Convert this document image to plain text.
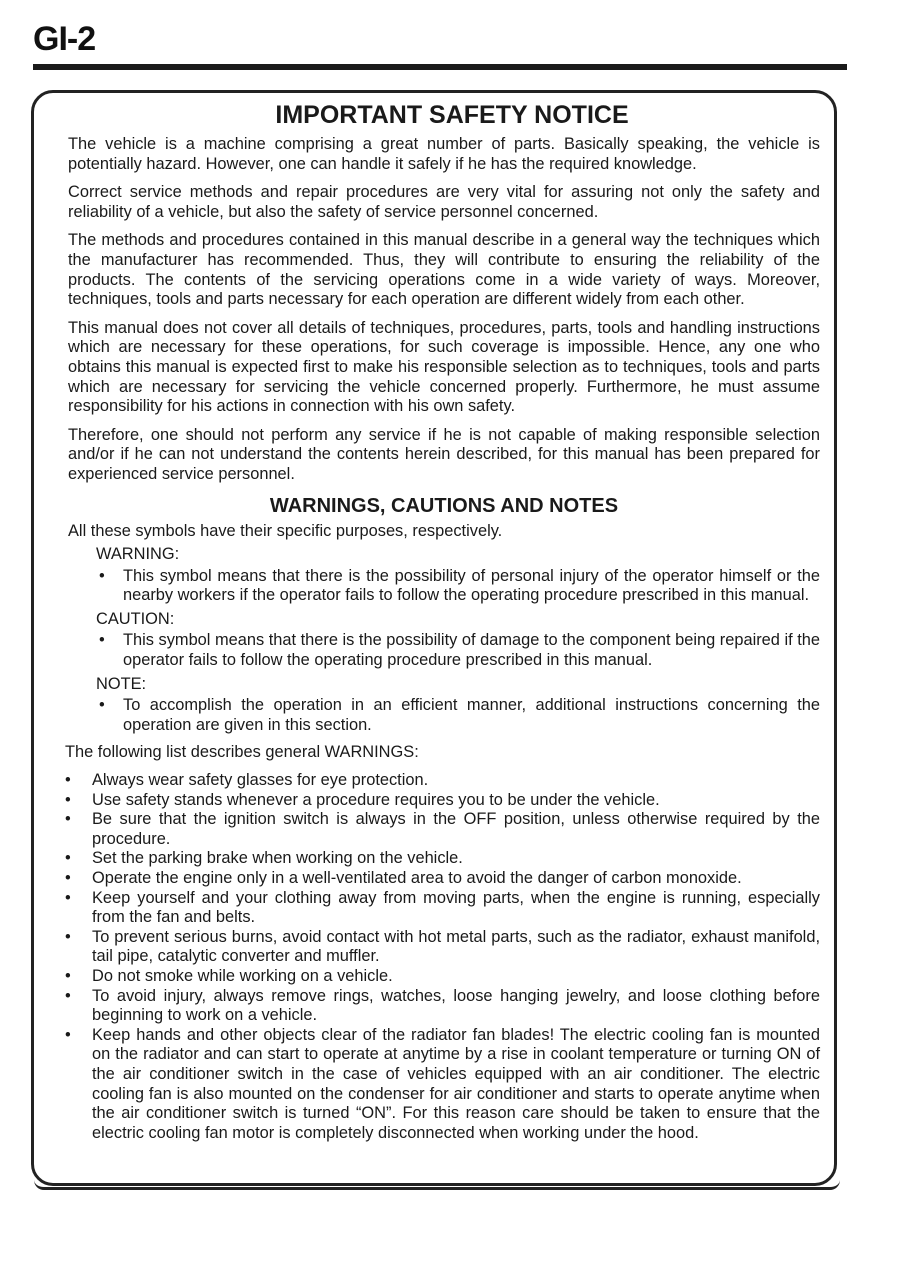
GI-2
IMPORTANT SAFETY NOTICE

The vehicle is a machine comprising a great number of parts. Basically speaking, the vehicle is potentially hazard. However, one can handle it safely if he has the required knowledge.

Correct service methods and repair procedures are very vital for assuring not only the safety and reliability of a vehicle, but also the safety of service personnel concerned.

The methods and procedures contained in this manual describe in a general way the techniques which the manufacturer has recommended. Thus, they will contribute to ensuring the reliability of the products. The contents of the servicing operations come in a wide variety of ways. Moreover, techniques, tools and parts necessary for each operation are different widely from each other.

This manual does not cover all details of techniques, procedures, parts, tools and handling instructions which are necessary for these operations, for such coverage is impossible. Hence, any one who obtains this manual is expected first to make his responsible selection as to techniques, tools and parts which are necessary for servicing the vehicle concerned properly. Furthermore, he must assume responsibility for his actions in connection with his own safety.

Therefore, one should not perform any service if he is not capable of making responsible selection and/or if he can not understand the contents herein described, for this manual has been prepared for experienced service personnel.

WARNINGS, CAUTIONS AND NOTES
All these symbols have their specific purposes, respectively.
WARNING:
• This symbol means that there is the possibility of personal injury of the operator himself or the nearby workers if the operator fails to follow the operating procedure prescribed in this manual.
CAUTION:
• This symbol means that there is the possibility of damage to the component being repaired if the operator fails to follow the operating procedure prescribed in this manual.
NOTE:
• To accomplish the operation in an efficient manner, additional instructions concerning the operation are given in this section.
The following list describes general WARNINGS:
• Always wear safety glasses for eye protection.
• Use safety stands whenever a procedure requires you to be under the vehicle.
• Be sure that the ignition switch is always in the OFF position, unless otherwise required by the procedure.
• Set the parking brake when working on the vehicle.
• Operate the engine only in a well-ventilated area to avoid the danger of carbon monoxide.
• Keep yourself and your clothing away from moving parts, when the engine is running, especially from the fan and belts.
• To prevent serious burns, avoid contact with hot metal parts, such as the radiator, exhaust manifold, tail pipe, catalytic converter and muffler.
• Do not smoke while working on a vehicle.
• To avoid injury, always remove rings, watches, loose hanging jewelry, and loose clothing before beginning to work on a vehicle.
• Keep hands and other objects clear of the radiator fan blades! The electric cooling fan is mounted on the radiator and can start to operate at anytime by a rise in coolant temperature or turning ON of the air conditioner switch in the case of vehicles equipped with an air conditioner. The electric cooling fan is also mounted on the condenser for air conditioner and starts to operate anytime when the air conditioner switch is turned “ON”. For this reason care should be taken to ensure that the electric cooling fan motor is completely disconnected when working under the hood.
